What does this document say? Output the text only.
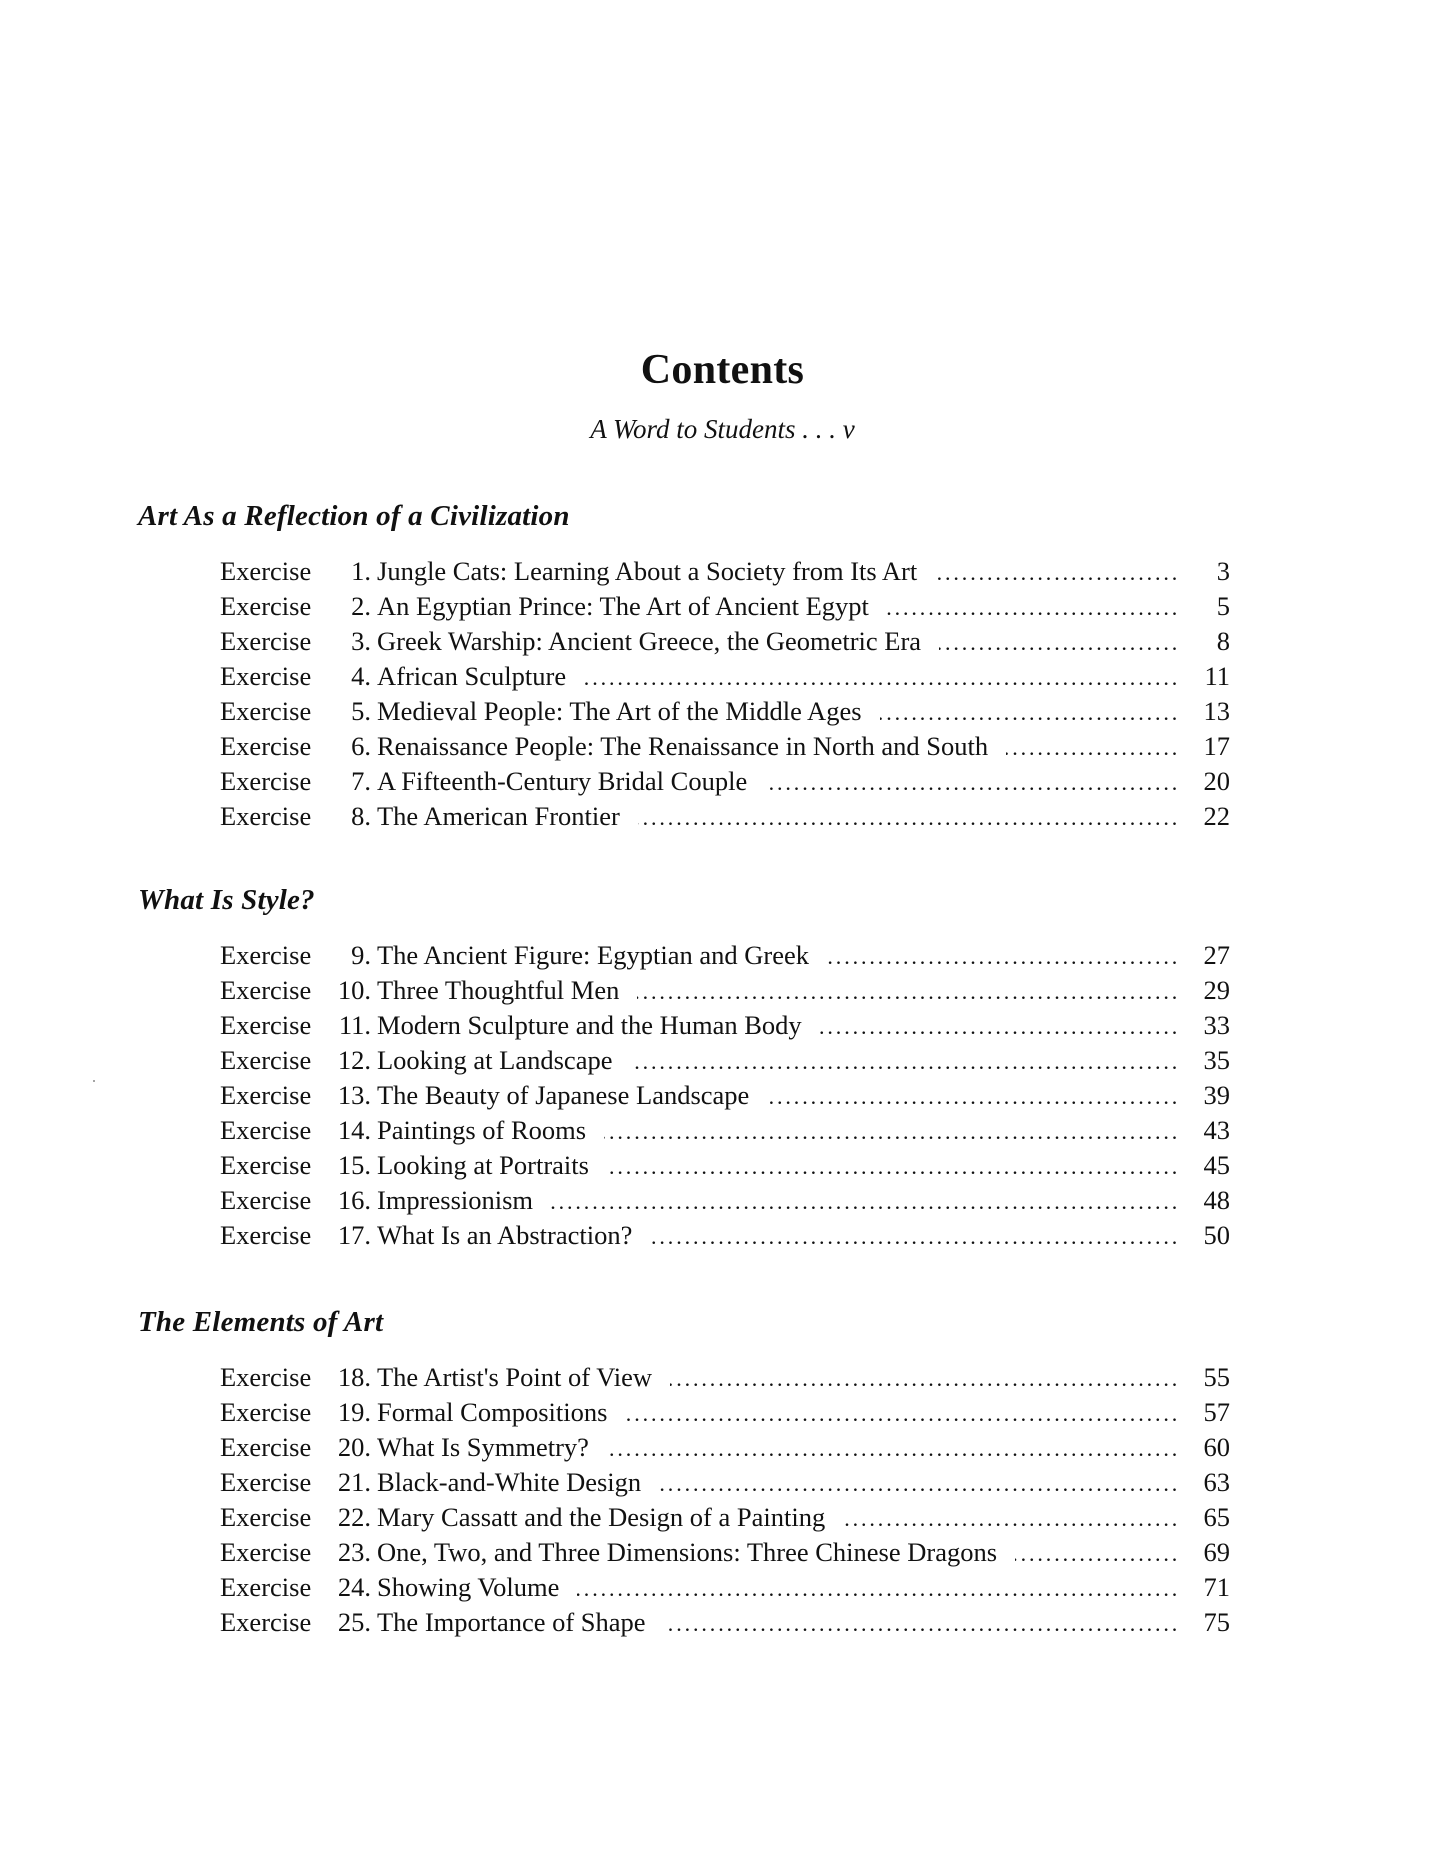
Contents
A Word to Students . . . v
Art As a Reflection of a Civilization
Exercise	1. Jungle Cats: Learning About a Society from Its Art . . .	3
Exercise	2. An Egyptian Prince: The Art of Ancient Egypt . . .	5
Exercise	3. Greek Warship: Ancient Greece, the Geometric Era . . .	8
Exercise	4. African Sculpture . . .	11
Exercise	5. Medieval People: The Art of the Middle Ages . . .	13
Exercise	6. Renaissance People: The Renaissance in North and South . . .	17
Exercise	7. A Fifteenth-Century Bridal Couple . . .	20
Exercise	8. The American Frontier . . .	22
What Is Style?
Exercise	9. The Ancient Figure: Egyptian and Greek . . .	27
Exercise	10. Three Thoughtful Men . . .	29
Exercise	11. Modern Sculpture and the Human Body . . .	33
Exercise	12. Looking at Landscape . . .	35
Exercise	13. The Beauty of Japanese Landscape . . .	39
Exercise	14. Paintings of Rooms . . .	43
Exercise	15. Looking at Portraits . . .	45
Exercise	16. Impressionism . . .	48
Exercise	17. What Is an Abstraction? . . .	50
The Elements of Art
Exercise	18. The Artist's Point of View . . .	55
Exercise	19. Formal Compositions . . .	57
Exercise	20. What Is Symmetry? . . .	60
Exercise	21. Black-and-White Design . . .	63
Exercise	22. Mary Cassatt and the Design of a Painting . . .	65
Exercise	23. One, Two, and Three Dimensions: Three Chinese Dragons . . .	69
Exercise	24. Showing Volume . . .	71
Exercise	25. The Importance of Shape . . .	75
